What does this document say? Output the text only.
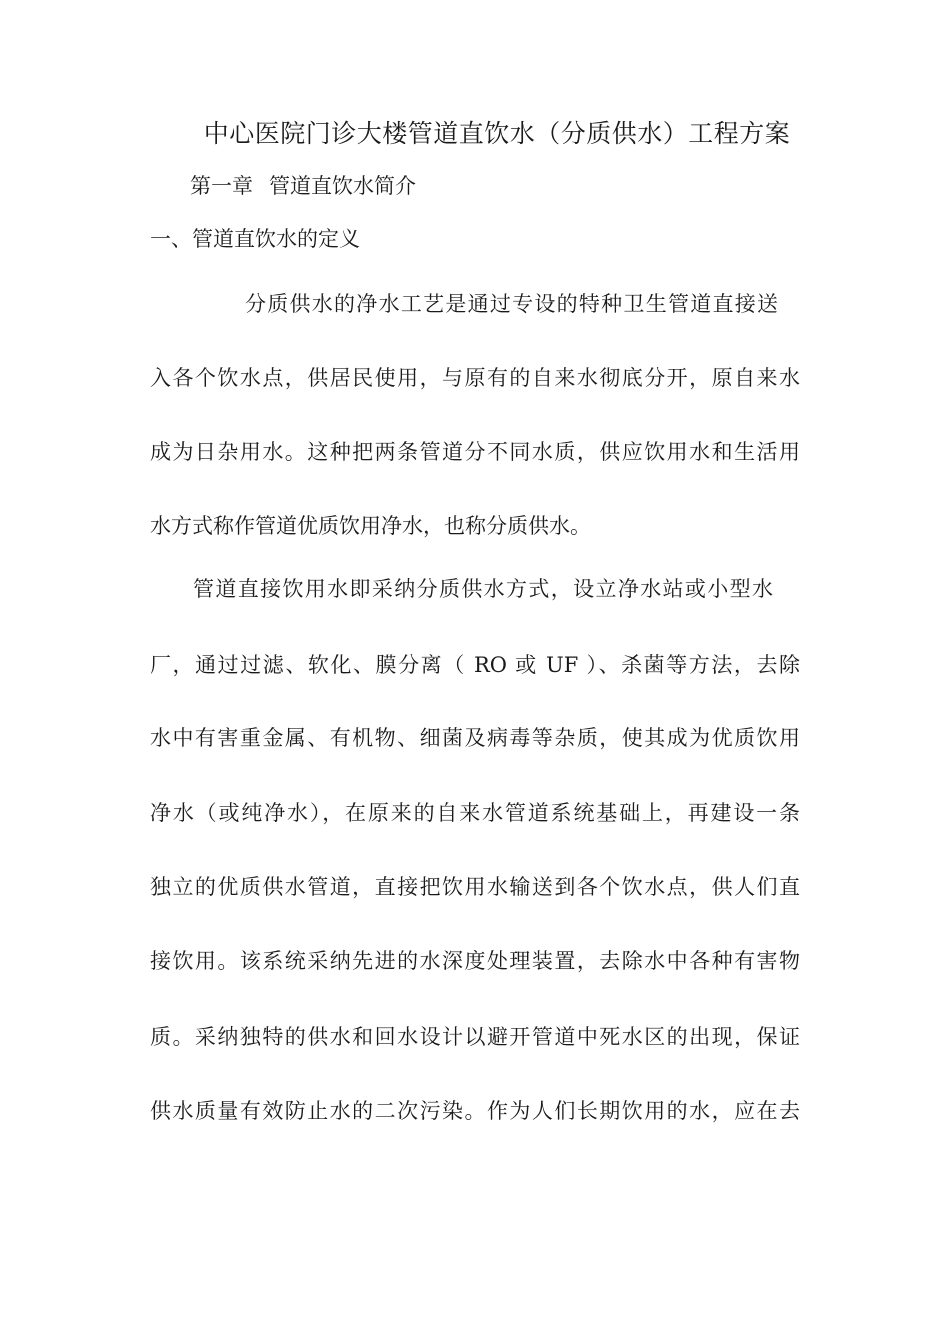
中心医院门诊大楼管道直饮水（分质供水）工程方案
第一章 管道直饮水简介
一、管道直饮水的定义
分质供水的净水工艺是通过专设的特种卫生管道直接送
入各个饮水点，供居民使用，与原有的自来水彻底分开，原自来水
成为日杂用水。这种把两条管道分不同水质，供应饮用水和生活用
水方式称作管道优质饮用净水，也称分质供水。
管道直接饮用水即采纳分质供水方式，设立净水站或小型水
厂，通过过滤、软化、膜分离（ RO 或 UF ）、杀菌等方法，去除
水中有害重金属、有机物、细菌及病毒等杂质，使其成为优质饮用
净水（或纯净水），在原来的自来水管道系统基础上，再建设一条
独立的优质供水管道，直接把饮用水输送到各个饮水点，供人们直
接饮用。该系统采纳先进的水深度处理装置，去除水中各种有害物
质。采纳独特的供水和回水设计以避开管道中死水区的出现，保证
供水质量有效防止水的二次污染。作为人们长期饮用的水，应在去
